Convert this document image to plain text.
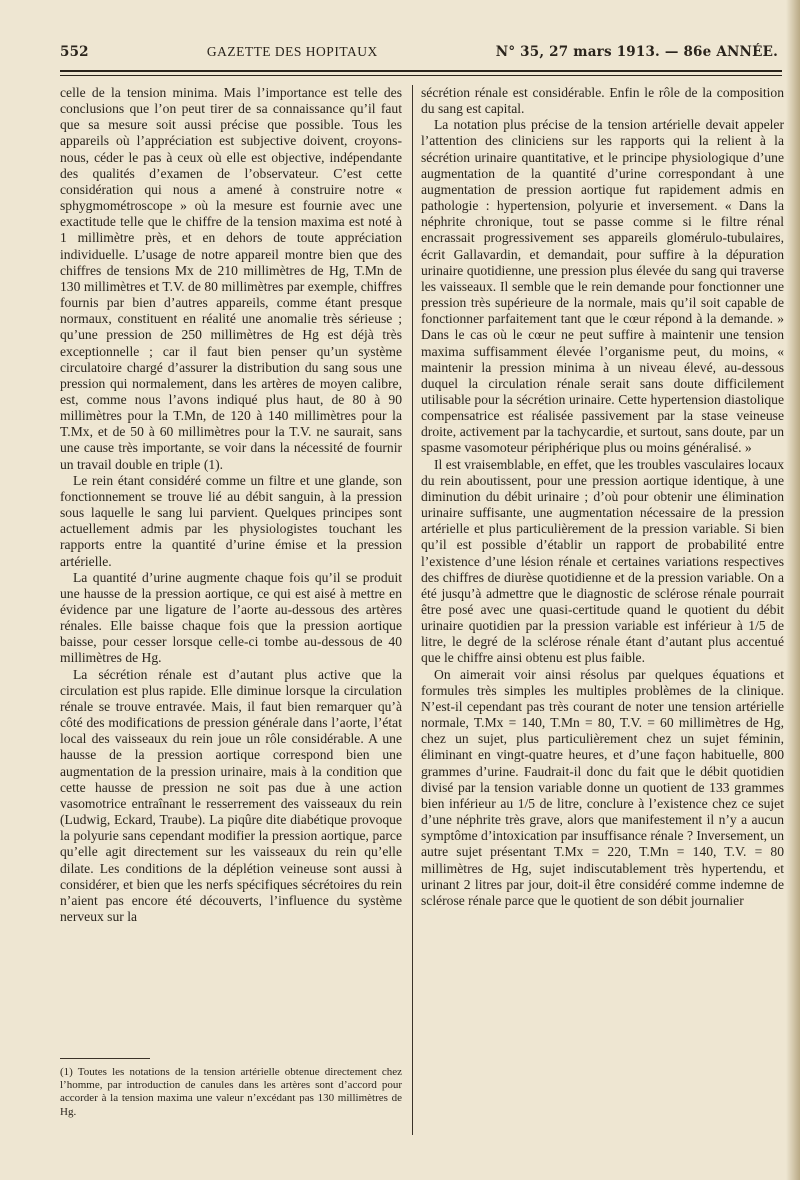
552	GAZETTE DES HOPITAUX	N° 35, 27 mars 1913. — 86e ANNÉE.

celle de la tension minima. Mais l’importance est telle des conclusions que l’on peut tirer de sa connaissance qu’il faut que sa mesure soit aussi précise que possible. Tous les appareils où l’appréciation est subjective doivent, croyons-nous, céder le pas à ceux où elle est objective, indépendante des qualités d’examen de l’observateur. C’est cette considération qui nous a amené à construire notre « sphygmométroscope » où la mesure est fournie avec une exactitude telle que le chiffre de la tension maxima est noté à 1 millimètre près, et en dehors de toute appréciation individuelle. L’usage de notre appareil montre bien que des chiffres de tensions Mx de 210 millimètres de Hg, T.Mn de 130 millimètres et T.V. de 80 millimètres par exemple, chiffres fournis par bien d’autres appareils, comme étant presque normaux, constituent en réalité une anomalie très sérieuse ; qu’une pression de 250 millimètres de Hg est déjà très exceptionnelle ; car il faut bien penser qu’un système circulatoire chargé d’assurer la distribution du sang sous une pression qui normalement, dans les artères de moyen calibre, est, comme nous l’avons indiqué plus haut, de 80 à 90 millimètres pour la T.Mn, de 120 à 140 millimètres pour la T.Mx, et de 50 à 60 millimètres pour la T.V. ne saurait, sans une cause très importante, se voir dans la nécessité de fournir un travail double en triple (1).

Le rein étant considéré comme un filtre et une glande, son fonctionnement se trouve lié au débit sanguin, à la pression sous laquelle le sang lui parvient. Quelques principes sont actuellement admis par les physiologistes touchant les rapports entre la quantité d’urine émise et la pression artérielle.

La quantité d’urine augmente chaque fois qu’il se produit une hausse de la pression aortique, ce qui est aisé à mettre en évidence par une ligature de l’aorte au-dessous des artères rénales. Elle baisse chaque fois que la pression aortique baisse, pour cesser lorsque celle-ci tombe au-dessous de 40 millimètres de Hg.

La sécrétion rénale est d’autant plus active que la circulation est plus rapide. Elle diminue lorsque la circulation rénale se trouve entravée. Mais, il faut bien remarquer qu’à côté des modifications de pression générale dans l’aorte, l’état local des vaisseaux du rein joue un rôle considérable. A une hausse de la pression aortique correspond bien une augmentation de la pression urinaire, mais à la condition que cette hausse de pression ne soit pas due à une action vasomotrice entraînant le resserrement des vaisseaux du rein (Ludwig, Eckard, Traube). La piqûre dite diabétique provoque la polyurie sans cependant modifier la pression aortique, parce qu’elle agit directement sur les vaisseaux du rein qu’elle dilate. Les conditions de la déplétion veineuse sont aussi à considérer, et bien que les nerfs spécifiques sécrétoires du rein n’aient pas encore été découverts, l’influence du système nerveux sur la

sécrétion rénale est considérable. Enfin le rôle de la composition du sang est capital.

La notation plus précise de la tension artérielle devait appeler l’attention des cliniciens sur les rapports qui la relient à la sécrétion urinaire quantitative, et le principe physiologique d’une augmentation de la quantité d’urine correspondant à une augmentation de pression aortique fut rapidement admis en pathologie : hypertension, polyurie et inversement. « Dans la néphrite chronique, tout se passe comme si le filtre rénal encrassait progressivement ses appareils glomérulo-tubulaires, écrit Gallavardin, et demandait, pour suffire à la dépuration urinaire quotidienne, une pression plus élevée du sang qui traverse les vaisseaux. Il semble que le rein demande pour fonctionner une pression très supérieure de la normale, mais qu’il soit capable de fonctionner parfaitement tant que le cœur répond à la demande. » Dans le cas où le cœur ne peut suffire à maintenir une tension maxima suffisamment élevée l’organisme peut, du moins, « maintenir la pression minima à un niveau élevé, au-dessous duquel la circulation rénale serait sans doute difficilement utilisable pour la sécrétion urinaire. Cette hypertension diastolique compensatrice est réalisée passivement par la stase veineuse droite, activement par la tachycardie, et surtout, sans doute, par un spasme vasomoteur périphérique plus ou moins généralisé. »

Il est vraisemblable, en effet, que les troubles vasculaires locaux du rein aboutissent, pour une pression aortique identique, à une diminution du débit urinaire ; d’où pour obtenir une élimination urinaire suffisante, une augmentation nécessaire de la pression artérielle et plus particulièrement de la pression variable. Si bien qu’il est possible d’établir un rapport de probabilité entre l’existence d’une lésion rénale et certaines variations respectives des chiffres de diurèse quotidienne et de la pression variable. On a été jusqu’à admettre que le diagnostic de sclérose rénale pourrait être posé avec une quasi-certitude quand le quotient du débit urinaire quotidien par la pression variable est inférieur à 1/5 de litre, le degré de la sclérose rénale étant d’autant plus accentué que le chiffre ainsi obtenu est plus faible.

On aimerait voir ainsi résolus par quelques équations et formules très simples les multiples problèmes de la clinique. N’est-il cependant pas très courant de noter une tension artérielle normale, T.Mx = 140, T.Mn = 80, T.V. = 60 millimètres de Hg, chez un sujet, plus particulièrement chez un sujet féminin, éliminant en vingt-quatre heures, et d’une façon habituelle, 800 grammes d’urine. Faudrait-il donc du fait que le débit quotidien divisé par la tension variable donne un quotient de 133 grammes bien inférieur au 1/5 de litre, conclure à l’existence chez ce sujet d’une néphrite très grave, alors que manifestement il n’y a aucun symptôme d’intoxication par insuffisance rénale ? Inversement, un autre sujet présentant T.Mx = 220, T.Mn = 140, T.V. = 80 millimètres de Hg, sujet indiscutablement très hypertendu, et urinant 2 litres par jour, doit-il être considéré comme indemne de sclérose rénale parce que le quotient de son débit journalier

(1) Toutes les notations de la tension artérielle obtenue directement chez l’homme, par introduction de canules dans les artères sont d’accord pour accorder à la tension maxima une valeur n’excédant pas 130 millimètres de Hg.
